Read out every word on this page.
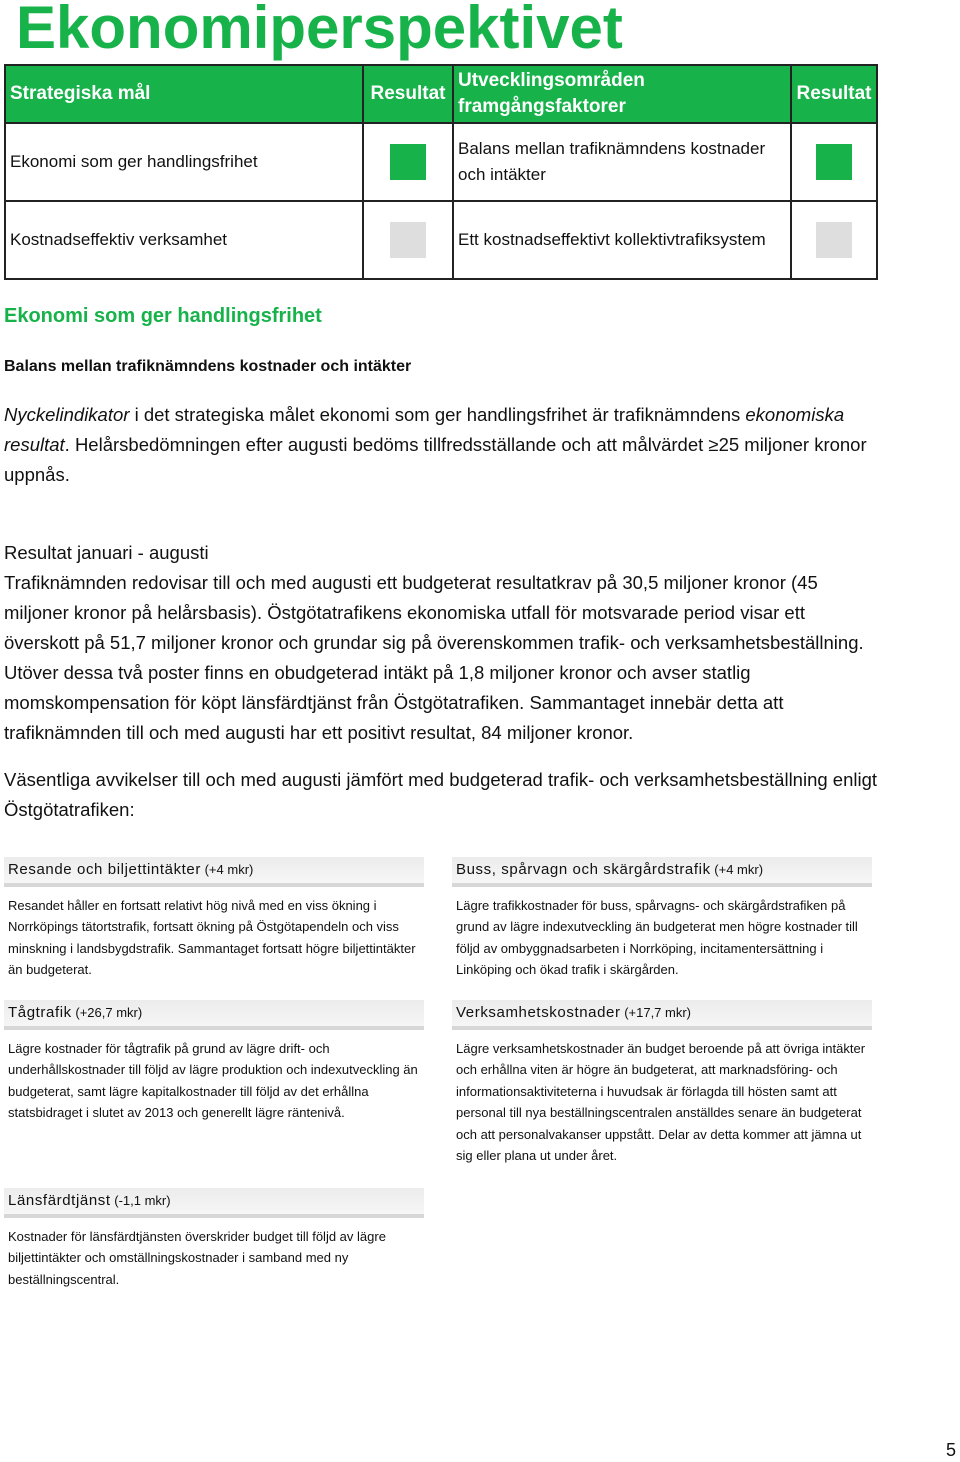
Ekonomiperspektivet
Strategiska mål	Resultat	Utvecklingsområden framgångsfaktorer	Resultat
Ekonomi som ger handlingsfrihet		Balans mellan trafiknämndens kostnader och intäkter	
Kostnadseffektiv verksamhet		Ett kostnadseffektivt kollektivtrafiksystem	
Ekonomi som ger handlingsfrihet
Balans mellan trafiknämndens kostnader och intäkter

Nyckelindikator i det strategiska målet ekonomi som ger handlingsfrihet är trafiknämndens ekonomiska resultat. Helårsbedömningen efter augusti bedöms tillfredsställande och att målvärdet ≥25 miljoner kronor uppnås.

Resultat januari - augusti
Trafiknämnden redovisar till och med augusti ett budgeterat resultatkrav på 30,5 miljoner kronor (45 miljoner kronor på helårsbasis). Östgötatrafikens ekonomiska utfall för motsvarade period visar ett överskott på 51,7 miljoner kronor och grundar sig på överenskommen trafik- och verksamhetsbeställning. Utöver dessa två poster finns en obudgeterad intäkt på 1,8 miljoner kronor och avser statlig momskompensation för köpt länsfärdtjänst från Östgötatrafiken. Sammantaget innebär detta att trafiknämnden till och med augusti har ett positivt resultat, 84 miljoner kronor.

Väsentliga avvikelser till och med augusti jämfört med budgeterad trafik- och verksamhetsbeställning enligt Östgötatrafiken:

Resande och biljettintäkter (+4 mkr)
Resandet håller en fortsatt relativt hög nivå med en viss ökning i Norrköpings tätortstrafik, fortsatt ökning på Östgötapendeln och viss minskning i landsbygdstrafik. Sammantaget fortsatt högre biljettintäkter än budgeterat.
Buss, spårvagn och skärgårdstrafik (+4 mkr)
Lägre trafikkostnader för buss, spårvagns- och skärgårdstrafiken på grund av lägre indexutveckling än budgeterat men högre kostnader till följd av ombyggnadsarbeten i Norrköping, incitamentersättning i Linköping och ökad trafik i skärgården.
Tågtrafik (+26,7 mkr)
Lägre kostnader för tågtrafik på grund av lägre drift- och underhållskostnader till följd av lägre produktion och indexutveckling än budgeterat, samt lägre kapitalkostnader till följd av det erhållna statsbidraget i slutet av 2013 och generellt lägre räntenivå.
Verksamhetskostnader (+17,7 mkr)
Lägre verksamhetskostnader än budget beroende på att övriga intäkter och erhållna viten är högre än budgeterat, att marknadsföring- och informationsaktiviteterna i huvudsak är förlagda till hösten samt att personal till nya beställningscentralen anställdes senare än budgeterat och att personalvakanser uppstått. Delar av detta kommer att jämna ut sig eller plana ut under året.
Länsfärdtjänst (-1,1 mkr)
Kostnader för länsfärdtjänsten överskrider budget till följd av lägre biljettintäkter och omställningskostnader i samband med ny beställningscentral.
5
